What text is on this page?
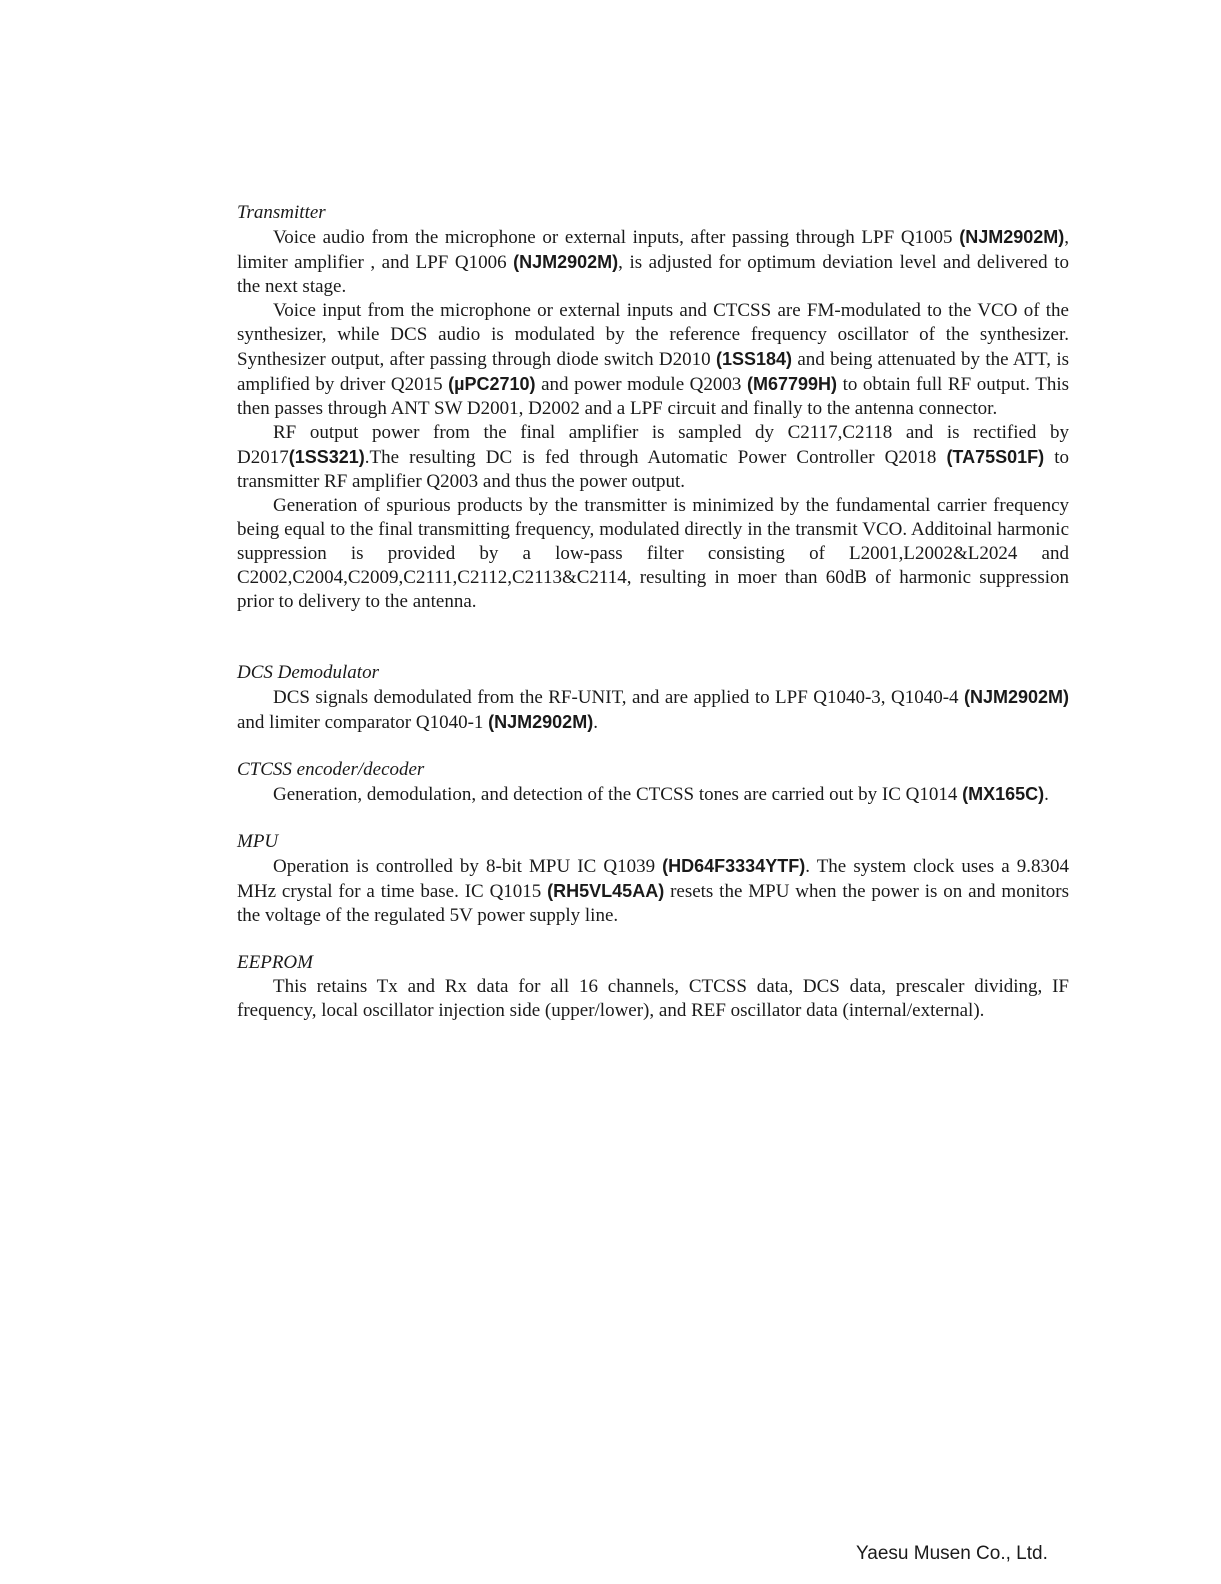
Transmitter

Voice audio from the microphone or external inputs, after passing through LPF Q1005 (NJM2902M), limiter amplifier , and LPF Q1006 (NJM2902M), is adjusted for optimum deviation level and delivered to the next stage.

Voice input from the microphone or external inputs and CTCSS are FM-modulated to the VCO of the synthesizer, while DCS audio is modulated by the reference frequency oscillator of the synthesizer. Synthesizer output, after passing through diode switch D2010 (1SS184) and being attenuated by the ATT, is amplified by driver Q2015 (µPC2710) and power module Q2003 (M67799H) to obtain full RF output. This then passes through ANT SW D2001, D2002 and a LPF circuit and finally to the antenna connector.

RF output power from the final amplifier is sampled dy C2117,C2118 and is rectified by D2017(1SS321).The resulting DC is fed through Automatic Power Controller Q2018 (TA75S01F) to transmitter RF amplifier Q2003 and thus the power output.

Generation of spurious products by the transmitter is minimized by the fundamental carrier frequency being equal to the final transmitting frequency, modulated directly in the transmit VCO. Additoinal harmonic suppression is provided by a low-pass filter consisting of L2001,L2002&L2024 and C2002,C2004,C2009,C2111,C2112,C2113&C2114, resulting in moer than 60dB of harmonic suppression prior to delivery to the antenna.

DCS Demodulator

DCS signals demodulated from the RF-UNIT, and are applied to LPF Q1040-3, Q1040-4 (NJM2902M) and limiter comparator Q1040-1 (NJM2902M).

CTCSS encoder/decoder

Generation, demodulation, and detection of the CTCSS tones are carried out by IC Q1014 (MX165C).

MPU

Operation is controlled by 8-bit MPU IC Q1039 (HD64F3334YTF). The system clock uses a 9.8304 MHz crystal for a time base. IC Q1015 (RH5VL45AA) resets the MPU when the power is on and monitors the voltage of the regulated 5V power supply line.

EEPROM

This retains Tx and Rx data for all 16 channels, CTCSS data, DCS data, prescaler dividing, IF frequency, local oscillator injection side (upper/lower), and REF oscillator data (internal/external).

Yaesu Musen Co., Ltd.
